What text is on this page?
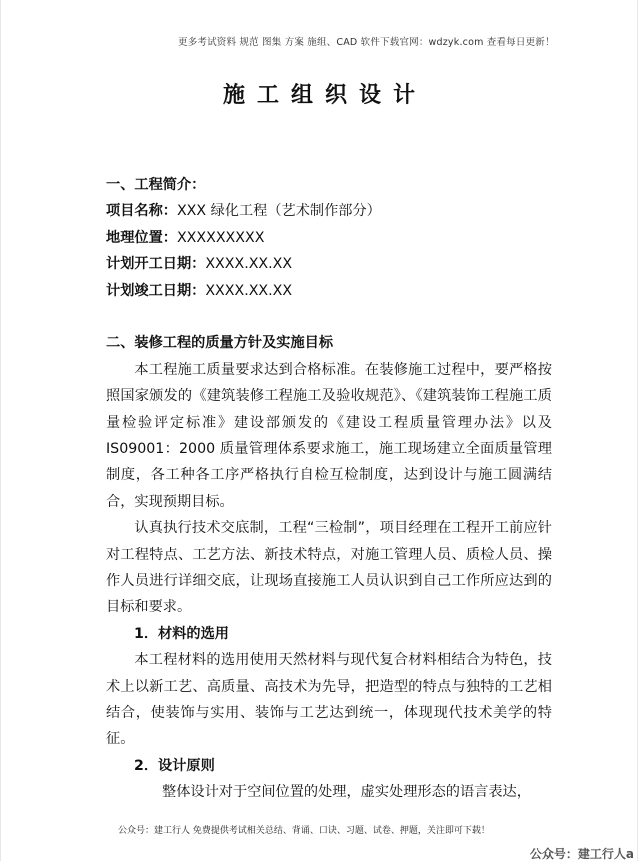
更多考试资料 规范 图集 方案 施组、CAD 软件下载官网：wdzyk.com 查看每日更新！
施工组织设计
一、工程简介：
项目名称：XXX 绿化工程（艺术制作部分）
地理位置：XXXXXXXXX
计划开工日期：XXXX.XX.XX
计划竣工日期：XXXX.XX.XX
二、装修工程的质量方针及实施目标
本工程施工质量要求达到合格标准。在装修施工过程中，要严格按照国家颁发的《建筑装修工程施工及验收规范》、《建筑装饰工程施工质量检验评定标准》建设部颁发的《建设工程质量管理办法》以及 IS09001：2000 质量管理体系要求施工，施工现场建立全面质量管理制度，各工种各工序严格执行自检互检制度，达到设计与施工圆满结合，实现预期目标。
认真执行技术交底制，工程“三检制”，项目经理在工程开工前应针对工程特点、工艺方法、新技术特点，对施工管理人员、质检人员、操作人员进行详细交底，让现场直接施工人员认识到自己工作所应达到的目标和要求。
1．材料的选用
本工程材料的选用使用天然材料与现代复合材料相结合为特色，技术上以新工艺、高质量、高技术为先导，把造型的特点与独特的工艺相结合，使装饰与实用、装饰与工艺达到统一，体现现代技术美学的特征。
2．设计原则
整体设计对于空间位置的处理，虚实处理形态的语言表达，
公众号：建工行人 免费提供考试相关总结、背诵、口诀、习题、试卷、押题，关注即可下载！
公众号：建工行人a
